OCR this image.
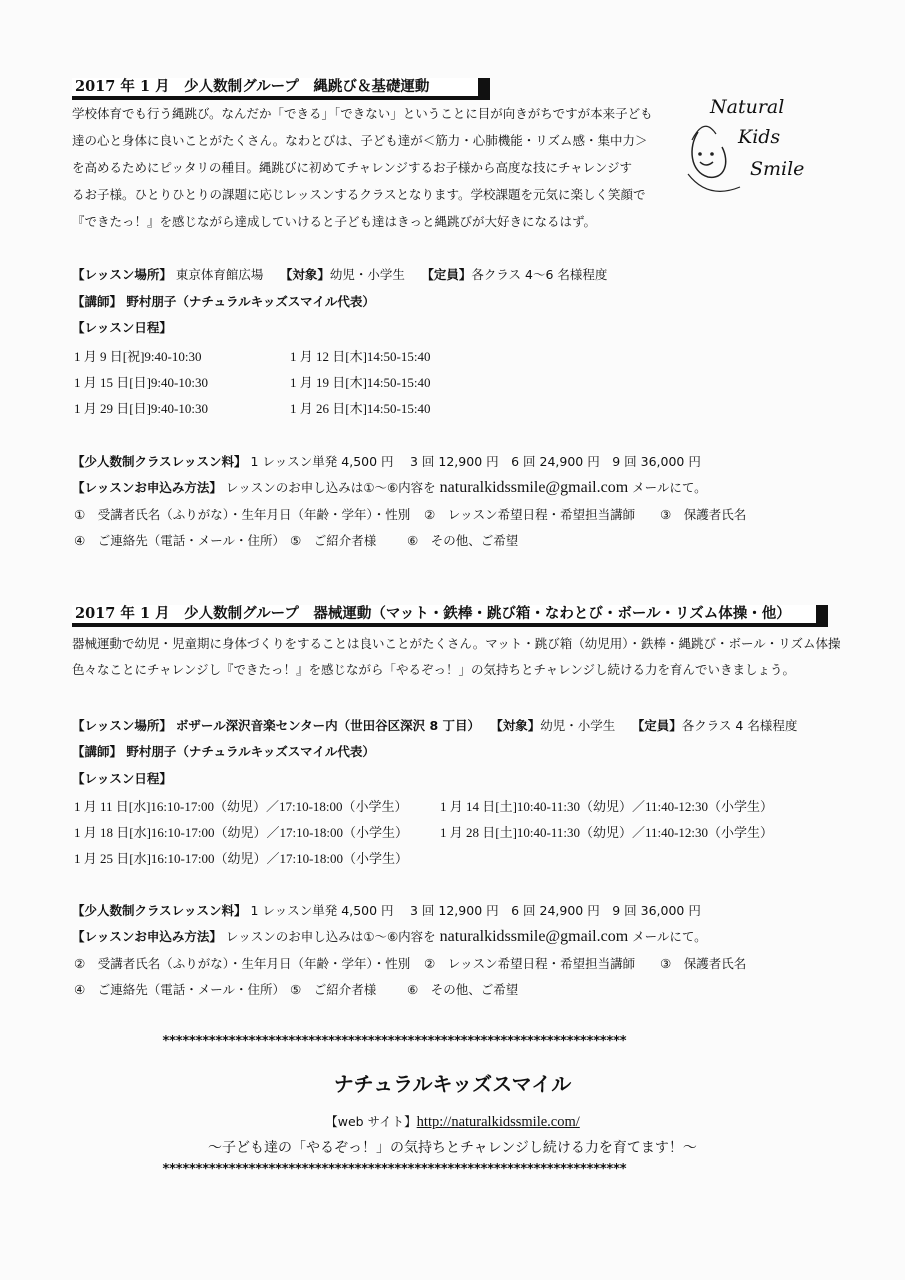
Natural
Kids
Smile
2017 年 1 月　少人数制グループ　縄跳び＆基礎運動
学校体育でも行う縄跳び。なんだか「できる」「できない」ということに目が向きがちですが本来子ども
達の心と身体に良いことがたくさん。なわとびは、子ども達が＜筋力・心肺機能・リズム感・集中力＞
を高めるためにピッタリの種目。縄跳びに初めてチャレンジするお子様から高度な技にチャレンジす
るお子様。ひとりひとりの課題に応じレッスンするクラスとなります。学校課題を元気に楽しく笑顔で
『できたっ！』を感じながら達成していけると子ども達はきっと縄跳びが大好きになるはず。
【レッスン場所】 東京体育館広場　 【対象】幼児・小学生　 【定員】各クラス 4～6 名様程度
【講師】 野村朋子（ナチュラルキッズスマイル代表）
【レッスン日程】
1 月 9 日[祝]9:40-10:30
1 月 15 日[日]9:40-10:30
1 月 29 日[日]9:40-10:30
1 月 12 日[木]14:50-15:40
1 月 19 日[木]14:50-15:40
1 月 26 日[木]14:50-15:40
【少人数制クラスレッスン料】 1 レッスン単発 4,500 円　 3 回 12,900 円　6 回 24,900 円　9 回 36,000 円
【レッスンお申込み方法】 レッスンのお申し込みは①～⑥内容を naturalkidssmile@gmail.com メールにて。
①　受講者氏名（ふりがな）・生年月日（年齢・学年）・性別 ②　レッスン希望日程・希望担当講師 ③　保護者氏名
④　ご連絡先（電話・メール・住所） ⑤　ご紹介者様 ⑥　その他、ご希望
2017 年 1 月　少人数制グループ　器械運動（マット・鉄棒・跳び箱・なわとび・ボール・リズム体操・他）
器械運動で幼児・児童期に身体づくりをすることは良いことがたくさん。マット・跳び箱（幼児用）・鉄棒・縄跳び・ボール・リズム体操
色々なことにチャレンジし『できたっ！』を感じながら「やるぞっ！」の気持ちとチャレンジし続ける力を育んでいきましょう。
【レッスン場所】 ボザール深沢音楽センター内（世田谷区深沢 8 丁目）　 【対象】幼児・小学生　 【定員】各クラス 4 名様程度
【講師】 野村朋子（ナチュラルキッズスマイル代表）
【レッスン日程】
1 月 11 日[水]16:10-17:00（幼児）／17:10-18:00（小学生）
1 月 18 日[水]16:10-17:00（幼児）／17:10-18:00（小学生）
1 月 25 日[水]16:10-17:00（幼児）／17:10-18:00（小学生）
1 月 14 日[土]10:40-11:30（幼児）／11:40-12:30（小学生）
1 月 28 日[土]10:40-11:30（幼児）／11:40-12:30（小学生）
【少人数制クラスレッスン料】 1 レッスン単発 4,500 円　 3 回 12,900 円　6 回 24,900 円　9 回 36,000 円
【レッスンお申込み方法】 レッスンのお申し込みは①～⑥内容を naturalkidssmile@gmail.com メールにて。
②　受講者氏名（ふりがな）・生年月日（年齢・学年）・性別 ②　レッスン希望日程・希望担当講師 ③　保護者氏名
④　ご連絡先（電話・メール・住所） ⑤　ご紹介者様 ⑥　その他、ご希望
**********************************************************************
ナチュラルキッズスマイル
【web サイト】http://naturalkidssmile.com/
～子ども達の「やるぞっ！」の気持ちとチャレンジし続ける力を育てます！～
**********************************************************************
